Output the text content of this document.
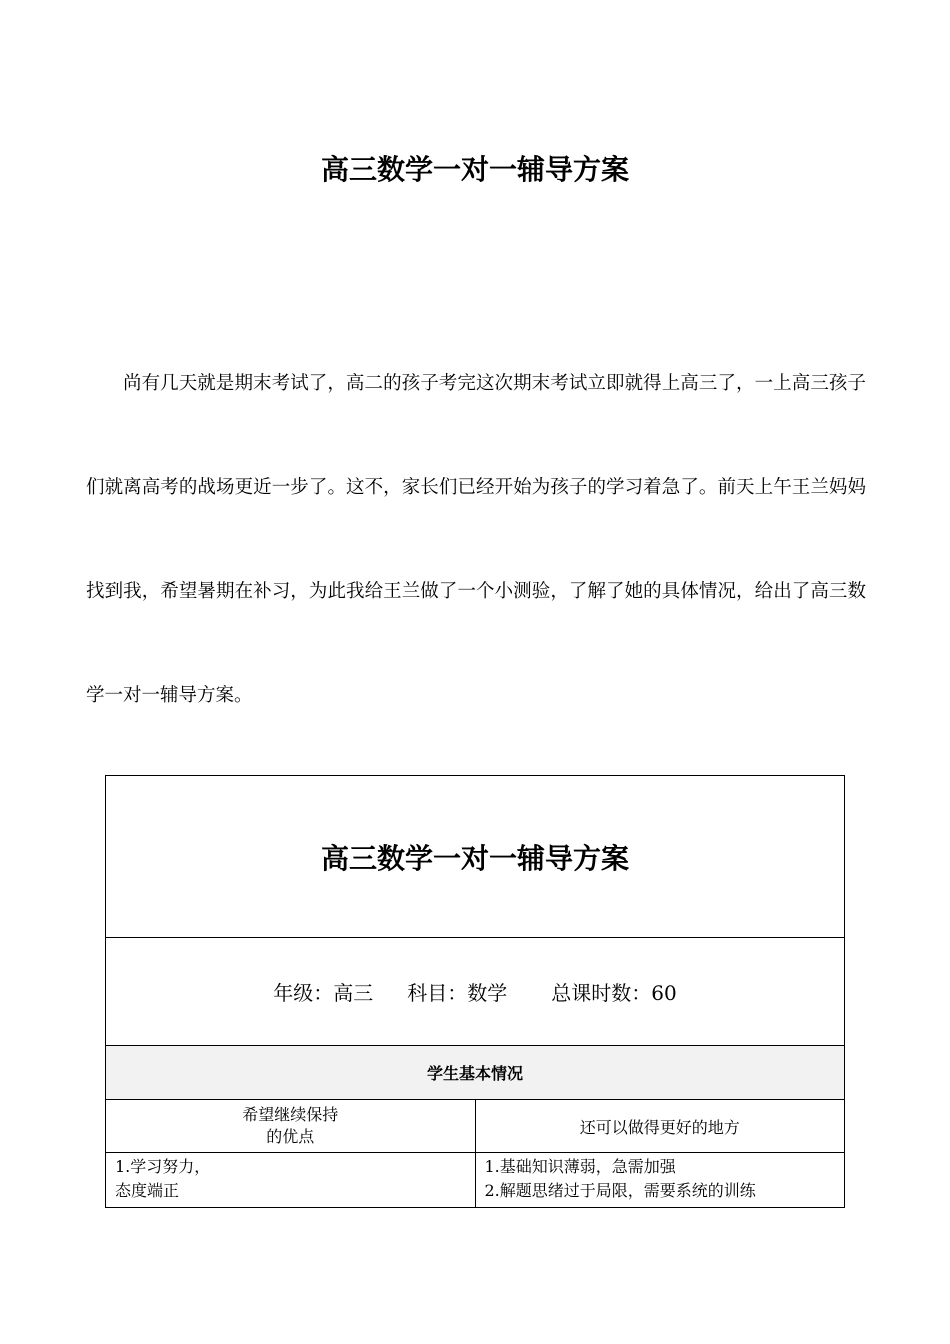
高三数学一对一辅导方案

尚有几天就是期末考试了，高二的孩子考完这次期末考试立即就得上高三了，一上高三孩子们就离高考的战场更近一步了。这不，家长们已经开始为孩子的学习着急了。前天上午王兰妈妈找到我，希望暑期在补习，为此我给王兰做了一个小测验，了解了她的具体情况，给出了高三数学一对一辅导方案。

高三数学一对一辅导方案	
年级：高三 科目：数学 总课时数：60	
学生基本情况	

希望继续保持
的优点	还可以做得更好的地方

1.学习努力，
态度端正	1.基础知识薄弱，急需加强
2.解题思绪过于局限，需要系统的训练
